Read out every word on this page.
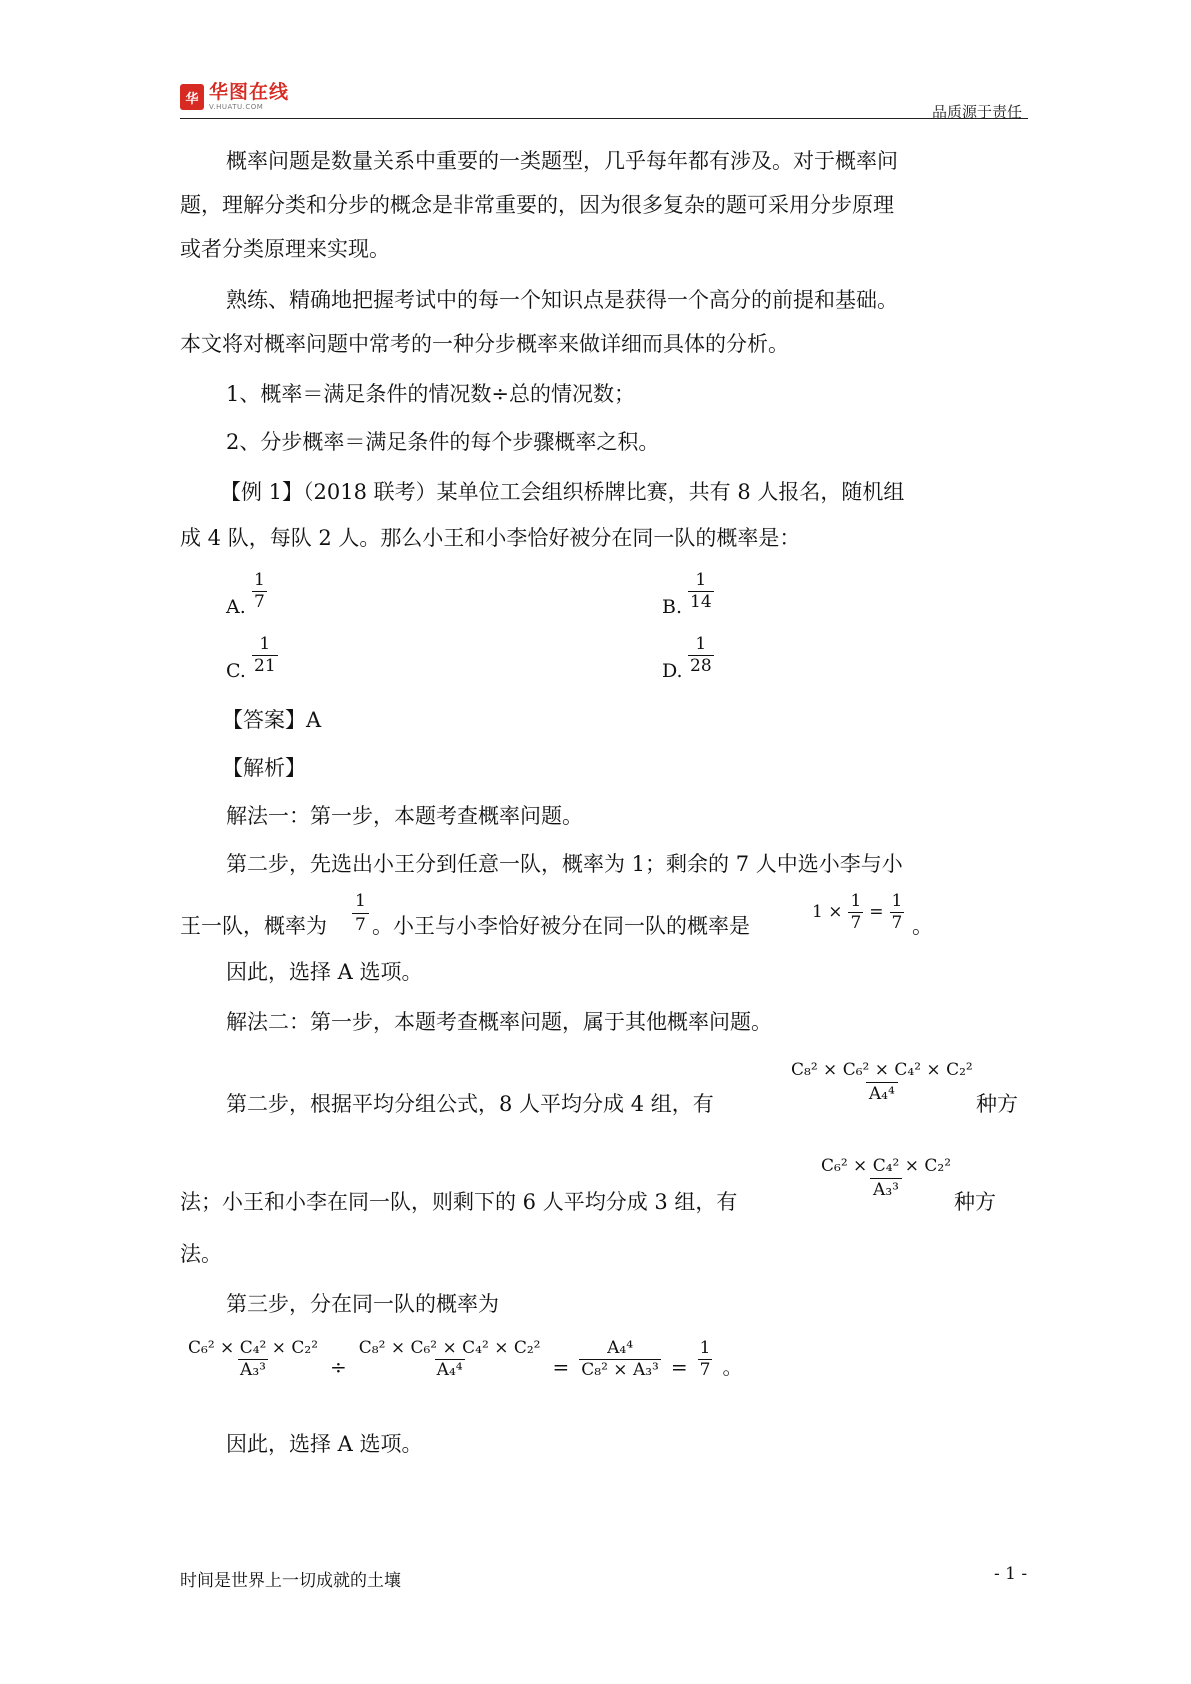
华 华图在线
V.HUATU.COM	品质源于责任
概率问题是数量关系中重要的一类题型，几乎每年都有涉及。对于概率问
题，理解分类和分步的概念是非常重要的，因为很多复杂的题可采用分步原理
或者分类原理来实现。
熟练、精确地把握考试中的每一个知识点是获得一个高分的前提和基础。
本文将对概率问题中常考的一种分步概率来做详细而具体的分析。
1、概率＝满足条件的情况数÷总的情况数；
2、分步概率＝满足条件的每个步骤概率之积。
【例 1】（2018 联考）某单位工会组织桥牌比赛，共有 8 人报名，随机组
成 4 队，每队 2 人。那么小王和小李恰好被分在同一队的概率是：
A. $\frac{1}{7}$	B. $\frac{1}{14}$
C. $\frac{1}{21}$	D. $\frac{1}{28}$
【答案】A
【解析】
解法一：第一步，本题考查概率问题。
第二步，先选出小王分到任意一队，概率为 1；剩余的 7 人中选小李与小
王一队，概率为 $\frac{1}{7}$ 。小王与小李恰好被分在同一队的概率是
$1 \times \frac{1}{7} = \frac{1}{7}$ 。
因此，选择 A 选项。
解法二：第一步，本题考查概率问题，属于其他概率问题。
第二步，根据平均分组公式，8 人平均分成 4 组，有
$\frac{\text{C₈² × C₆² × C₄² × C₂²}}{\text{A₄⁴}}$
种方
法；小王和小李在同一队，则剩下的 6 人平均分成 3 组，有
$\frac{\text{C₆² × C₄² × C₂²}}{\text{A₃³}}$
种方
法。
第三步，分在同一队的概率为
$\frac{\text{C₆² × C₄² × C₂²}}{\text{A₃³}} \div \frac{\text{C₈² × C₆² × C₄² × C₂²}}{\text{A₄⁴}} = \frac{\text{A₄⁴}}{\text{C₈² × A₃³}} = \frac{1}{7}$ 。
因此，选择 A 选项。
时间是世界上一切成就的土壤	- 1 -
